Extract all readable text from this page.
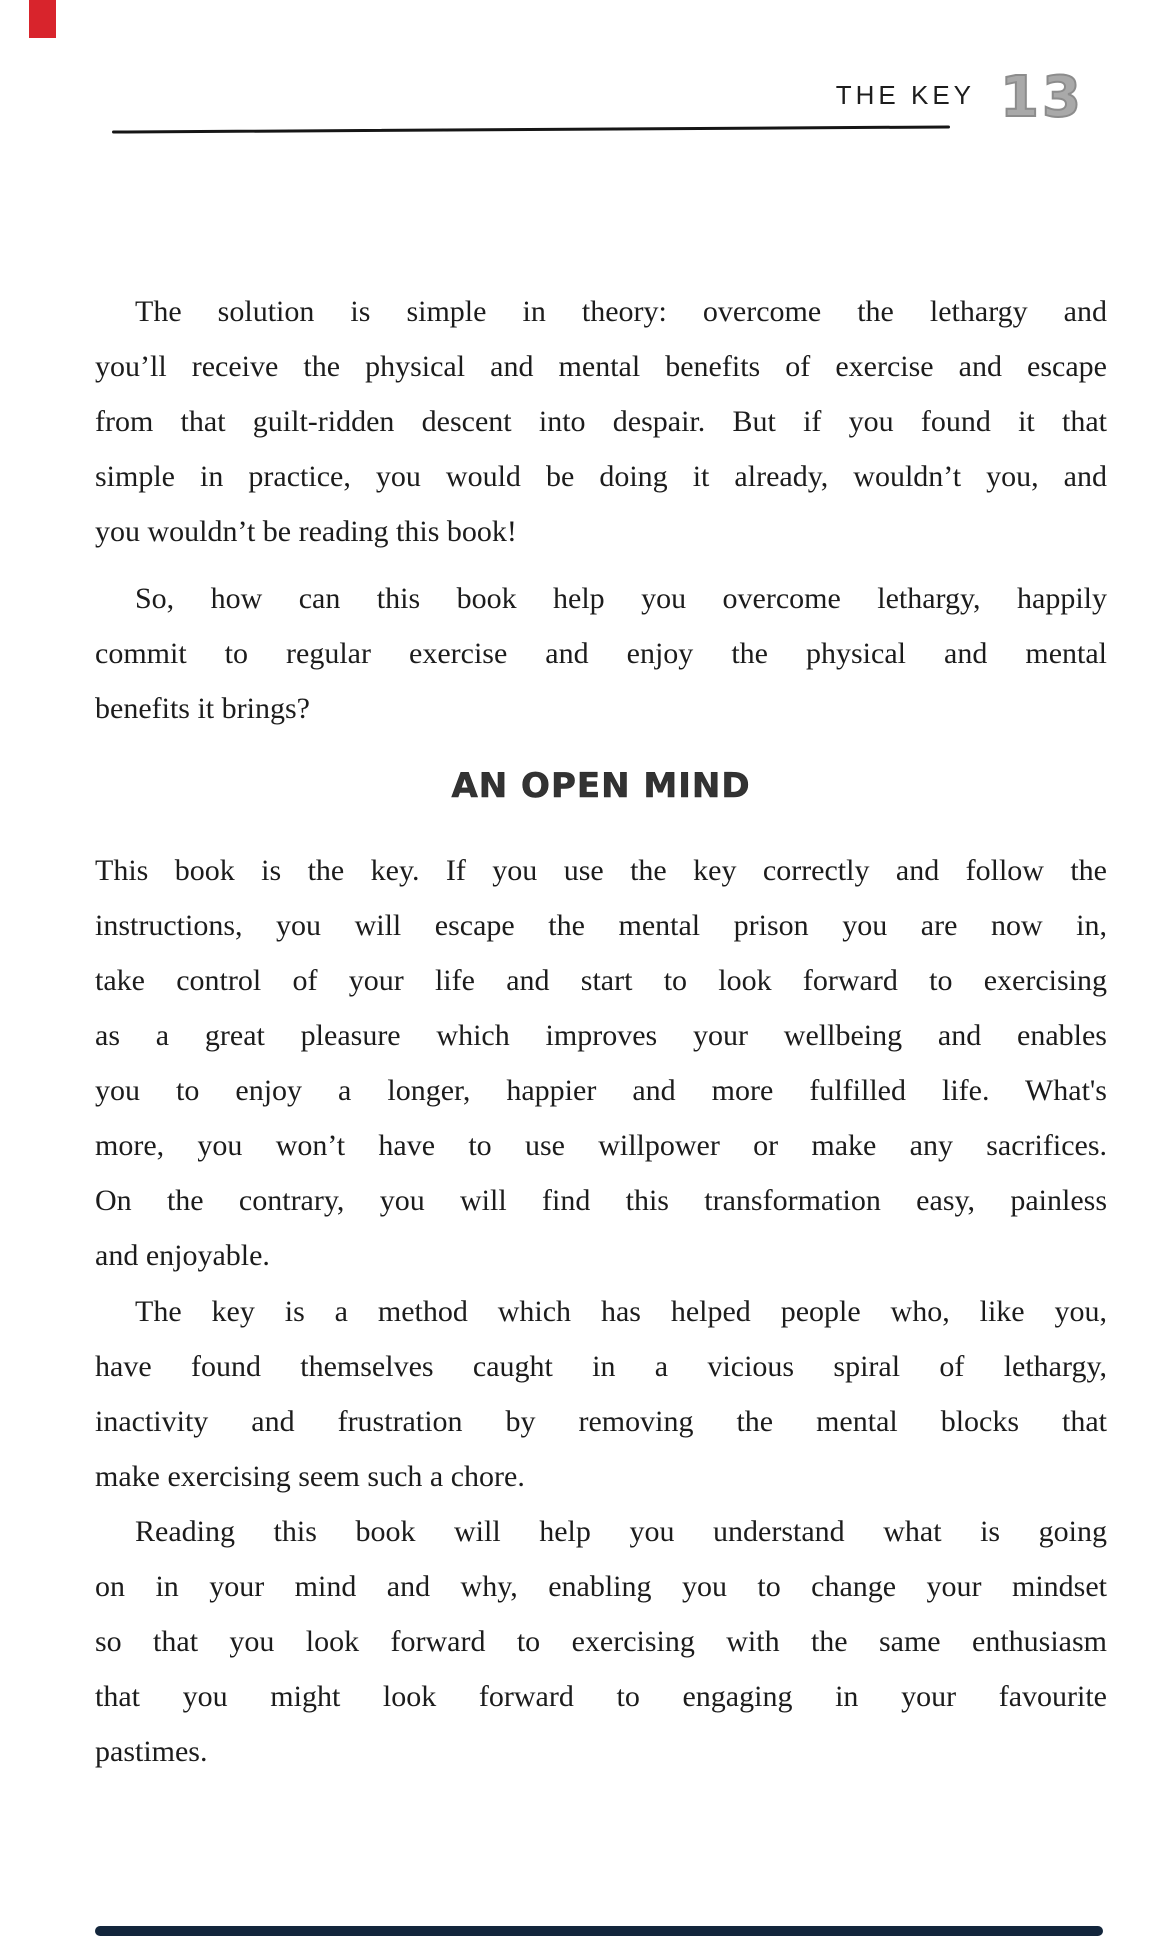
THE KEY 13
The solution is simple in theory: overcome the lethargy and
you’ll receive the physical and mental benefits of exercise and escape
from that guilt-ridden descent into despair. But if you found it that
simple in practice, you would be doing it already, wouldn’t you, and
you wouldn’t be reading this book!
So, how can this book help you overcome lethargy, happily
commit to regular exercise and enjoy the physical and mental
benefits it brings?
AN OPEN MIND
This book is the key. If you use the key correctly and follow the
instructions, you will escape the mental prison you are now in,
take control of your life and start to look forward to exercising
as a great pleasure which improves your wellbeing and enables
you to enjoy a longer, happier and more fulfilled life. What's
more, you won’t have to use willpower or make any sacrifices.
On the contrary, you will find this transformation easy, painless
and enjoyable.
The key is a method which has helped people who, like you,
have found themselves caught in a vicious spiral of lethargy,
inactivity and frustration by removing the mental blocks that
make exercising seem such a chore.
Reading this book will help you understand what is going
on in your mind and why, enabling you to change your mindset
so that you look forward to exercising with the same enthusiasm
that you might look forward to engaging in your favourite
pastimes.
